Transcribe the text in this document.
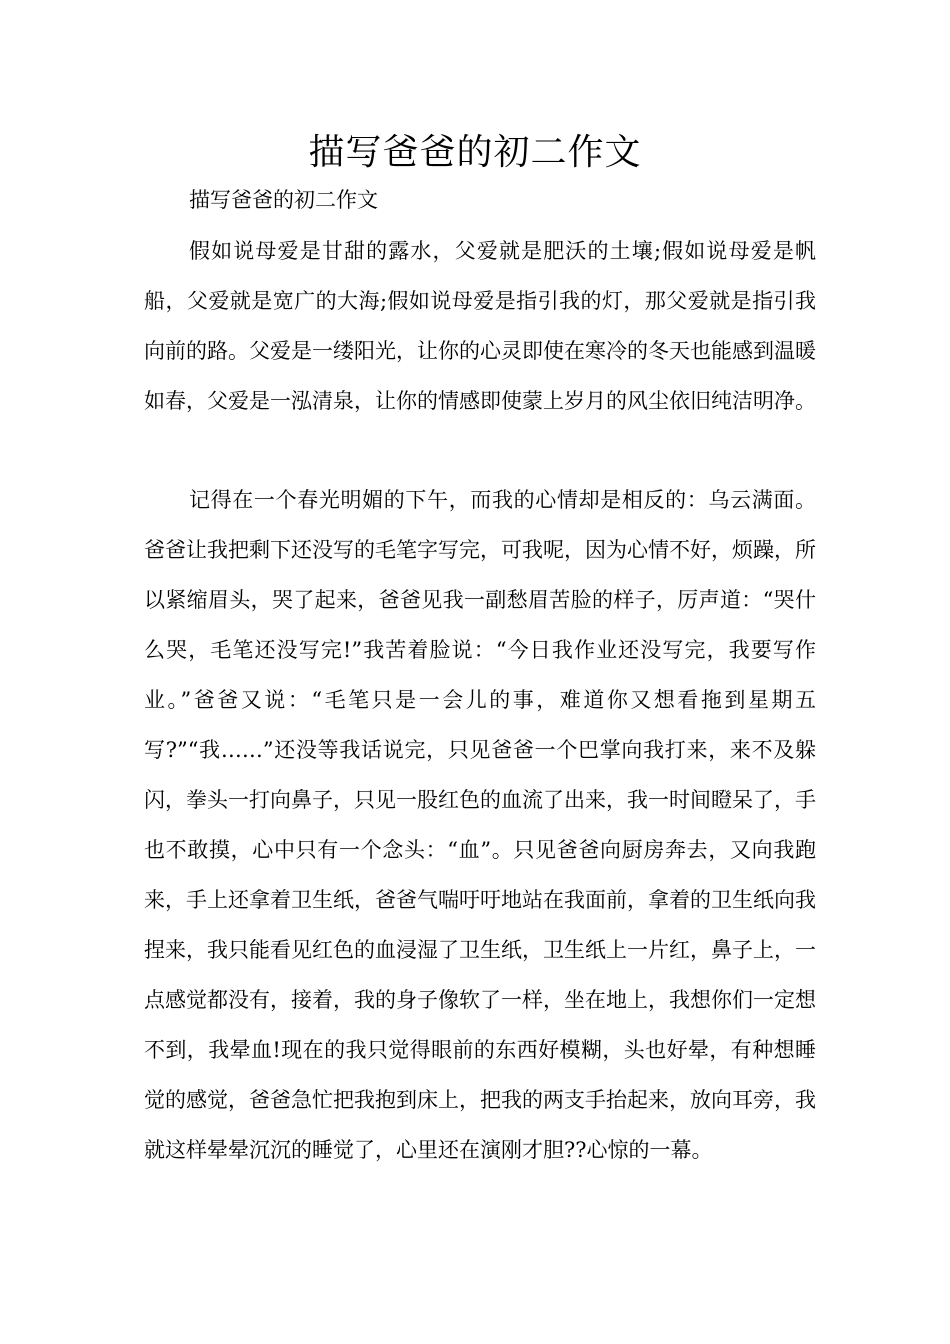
描写爸爸的初二作文

描写爸爸的初二作文

假如说母爱是甘甜的露水，父爱就是肥沃的土壤;假如说母爱是帆船，父爱就是宽广的大海;假如说母爱是指引我的灯，那父爱就是指引我向前的路。父爱是一缕阳光，让你的心灵即使在寒冷的冬天也能感到温暖如春，父爱是一泓清泉，让你的情感即使蒙上岁月的风尘依旧纯洁明净。

记得在一个春光明媚的下午，而我的心情却是相反的：乌云满面。爸爸让我把剩下还没写的毛笔字写完，可我呢，因为心情不好，烦躁，所以紧缩眉头，哭了起来，爸爸见我一副愁眉苦脸的样子，厉声道：“哭什么哭，毛笔还没写完!”我苦着脸说：“今日我作业还没写完，我要写作业。”爸爸又说：“毛笔只是一会儿的事，难道你又想看拖到星期五写?”“我……”还没等我话说完，只见爸爸一个巴掌向我打来，来不及躲闪，拳头一打向鼻子，只见一股红色的血流了出来，我一时间瞪呆了，手也不敢摸，心中只有一个念头：“血”。只见爸爸向厨房奔去，又向我跑来，手上还拿着卫生纸，爸爸气喘吁吁地站在我面前，拿着的卫生纸向我捏来，我只能看见红色的血浸湿了卫生纸，卫生纸上一片红，鼻子上，一点感觉都没有，接着，我的身子像软了一样，坐在地上，我想你们一定想不到，我晕血!现在的我只觉得眼前的东西好模糊，头也好晕，有种想睡觉的感觉，爸爸急忙把我抱到床上，把我的两支手抬起来，放向耳旁，我就这样晕晕沉沉的睡觉了，心里还在演刚才胆??心惊的一幕。
